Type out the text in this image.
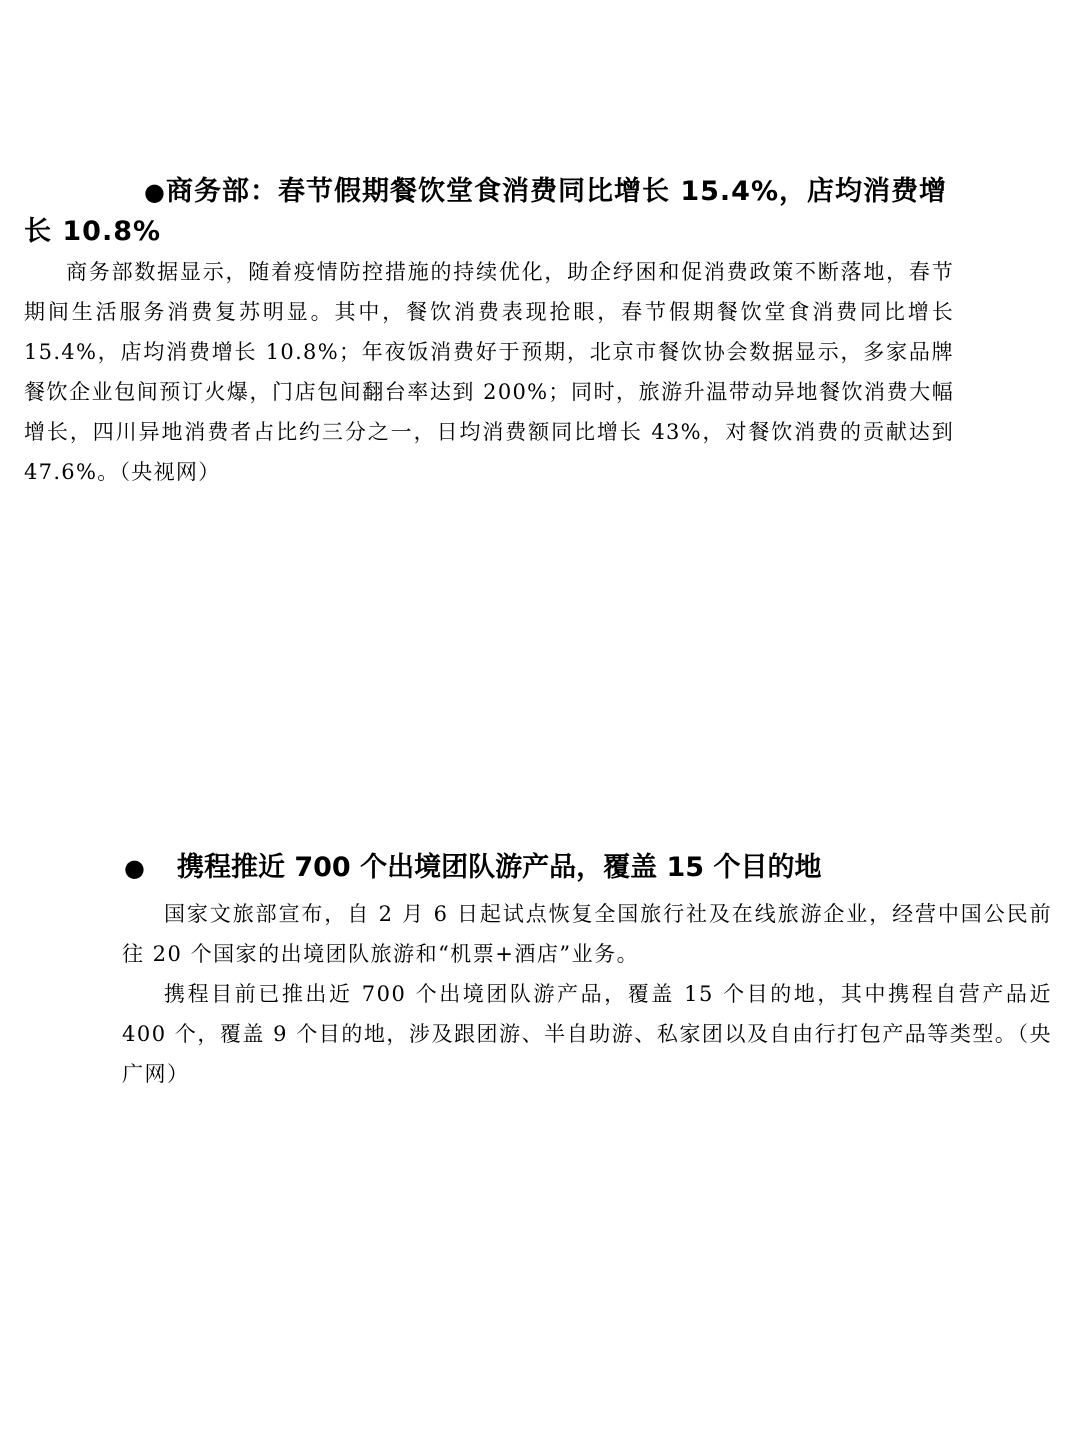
●商务部：春节假期餐饮堂食消费同比增长 15.4%，店均消费增长 10.8%

商务部数据显示，随着疫情防控措施的持续优化，助企纾困和促消费政策不断落地，春节期间生活服务消费复苏明显。其中，餐饮消费表现抢眼，春节假期餐饮堂食消费同比增长 15.4%，店均消费增长 10.8%；年夜饭消费好于预期，北京市餐饮协会数据显示，多家品牌餐饮企业包间预订火爆，门店包间翻台率达到 200%；同时，旅游升温带动异地餐饮消费大幅增长，四川异地消费者占比约三分之一，日均消费额同比增长 43%，对餐饮消费的贡献达到 47.6%。（央视网）

● 携程推近 700 个出境团队游产品，覆盖 15 个目的地

国家文旅部宣布，自 2 月 6 日起试点恢复全国旅行社及在线旅游企业，经营中国公民前往 20 个国家的出境团队旅游和“机票+酒店”业务。

携程目前已推出近 700 个出境团队游产品，覆盖 15 个目的地，其中携程自营产品近 400 个，覆盖 9 个目的地，涉及跟团游、半自助游、私家团以及自由行打包产品等类型。（央广网）
